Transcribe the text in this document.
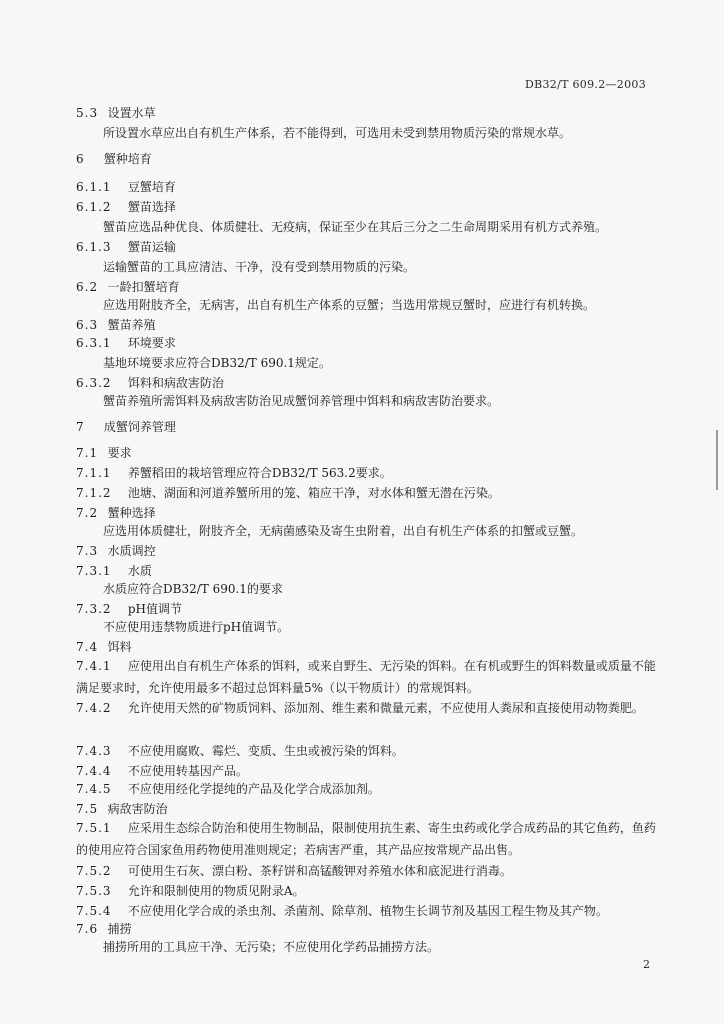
DB32/T 609.2—2003
5.3 设置水草
所设置水草应出自有机生产体系，若不能得到，可选用未受到禁用物质污染的常规水草。
6 蟹种培育
6.1.1 豆蟹培育
6.1.2 蟹苗选择
蟹苗应选品种优良、体质健壮、无疫病，保证至少在其后三分之二生命周期采用有机方式养殖。
6.1.3 蟹苗运输
运输蟹苗的工具应清洁、干净，没有受到禁用物质的污染。
6.2 一龄扣蟹培育
应选用附肢齐全，无病害，出自有机生产体系的豆蟹；当选用常规豆蟹时，应进行有机转换。
6.3 蟹苗养殖
6.3.1 环境要求
基地环境要求应符合DB32/T 690.1规定。
6.3.2 饵料和病敌害防治
蟹苗养殖所需饵料及病敌害防治见成蟹饲养管理中饵料和病敌害防治要求。
7 成蟹饲养管理
7.1 要求
7.1.1 养蟹稻田的栽培管理应符合DB32/T 563.2要求。
7.1.2 池塘、湖面和河道养蟹所用的笼、箱应干净，对水体和蟹无潜在污染。
7.2 蟹种选择
应选用体质健壮，附肢齐全，无病菌感染及寄生虫附着，出自有机生产体系的扣蟹或豆蟹。
7.3 水质调控
7.3.1 水质
水质应符合DB32/T 690.1的要求
7.3.2 pH值调节
不应使用违禁物质进行pH值调节。
7.4 饵料
7.4.1 应使用出自有机生产体系的饵料，或来自野生、无污染的饵料。在有机或野生的饵料数量或质量不能满足要求时，允许使用最多不超过总饵料量5%（以干物质计）的常规饵料。
7.4.2 允许使用天然的矿物质饲料、添加剂、维生素和微量元素，不应使用人粪尿和直接使用动物粪肥。
7.4.3 不应使用腐败、霉烂、变质、生虫或被污染的饵料。
7.4.4 不应使用转基因产品。
7.4.5 不应使用经化学提纯的产品及化学合成添加剂。
7.5 病敌害防治
7.5.1 应采用生态综合防治和使用生物制品，限制使用抗生素、寄生虫药或化学合成药品的其它鱼药，鱼药的使用应符合国家鱼用药物使用准则规定；若病害严重，其产品应按常规产品出售。
7.5.2 可使用生石灰、漂白粉、茶籽饼和高锰酸钾对养殖水体和底泥进行消毒。
7.5.3 允许和限制使用的物质见附录A。
7.5.4 不应使用化学合成的杀虫剂、杀菌剂、除草剂、植物生长调节剂及基因工程生物及其产物。
7.6 捕捞
捕捞所用的工具应干净、无污染；不应使用化学药品捕捞方法。
2
